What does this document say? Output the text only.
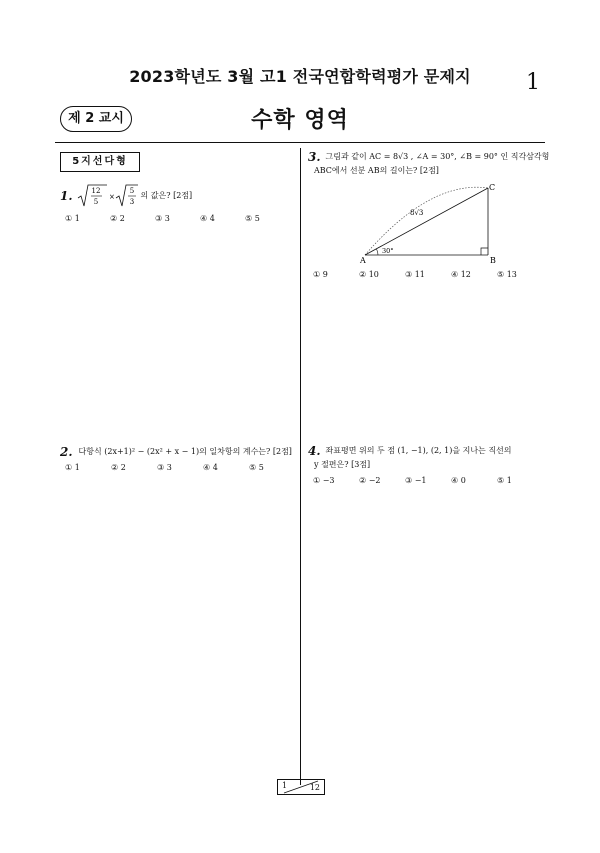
2023학년도 3월 고1 전국연합학력평가 문제지	1
제 2 교시	수학 영역
5지선다형
1.	12
5
×
5
3
의 값은? [2점]
① 1	② 2	③ 3	④ 4	⑤ 5
2. 다항식 (2x+1)² − (2x² + x − 1)의 일차항의 계수는? [2점]
① 1	② 2	③ 3	④ 4	⑤ 5
3. 그림과 같이 AC = 8√3 , ∠A = 30°, ∠B = 90° 인 직각삼각형
ABC에서 선분 AB의 길이는? [2점]
A	B
C
8√3
30°
① 9	② 10	③ 11	④ 12	⑤ 13
4. 좌표평면 위의 두 점 (1, −1), (2, 1)을 지나는 직선의
y 절편은? [3점]
① −3	② −2	③ −1	④ 0	⑤ 1
1	12
